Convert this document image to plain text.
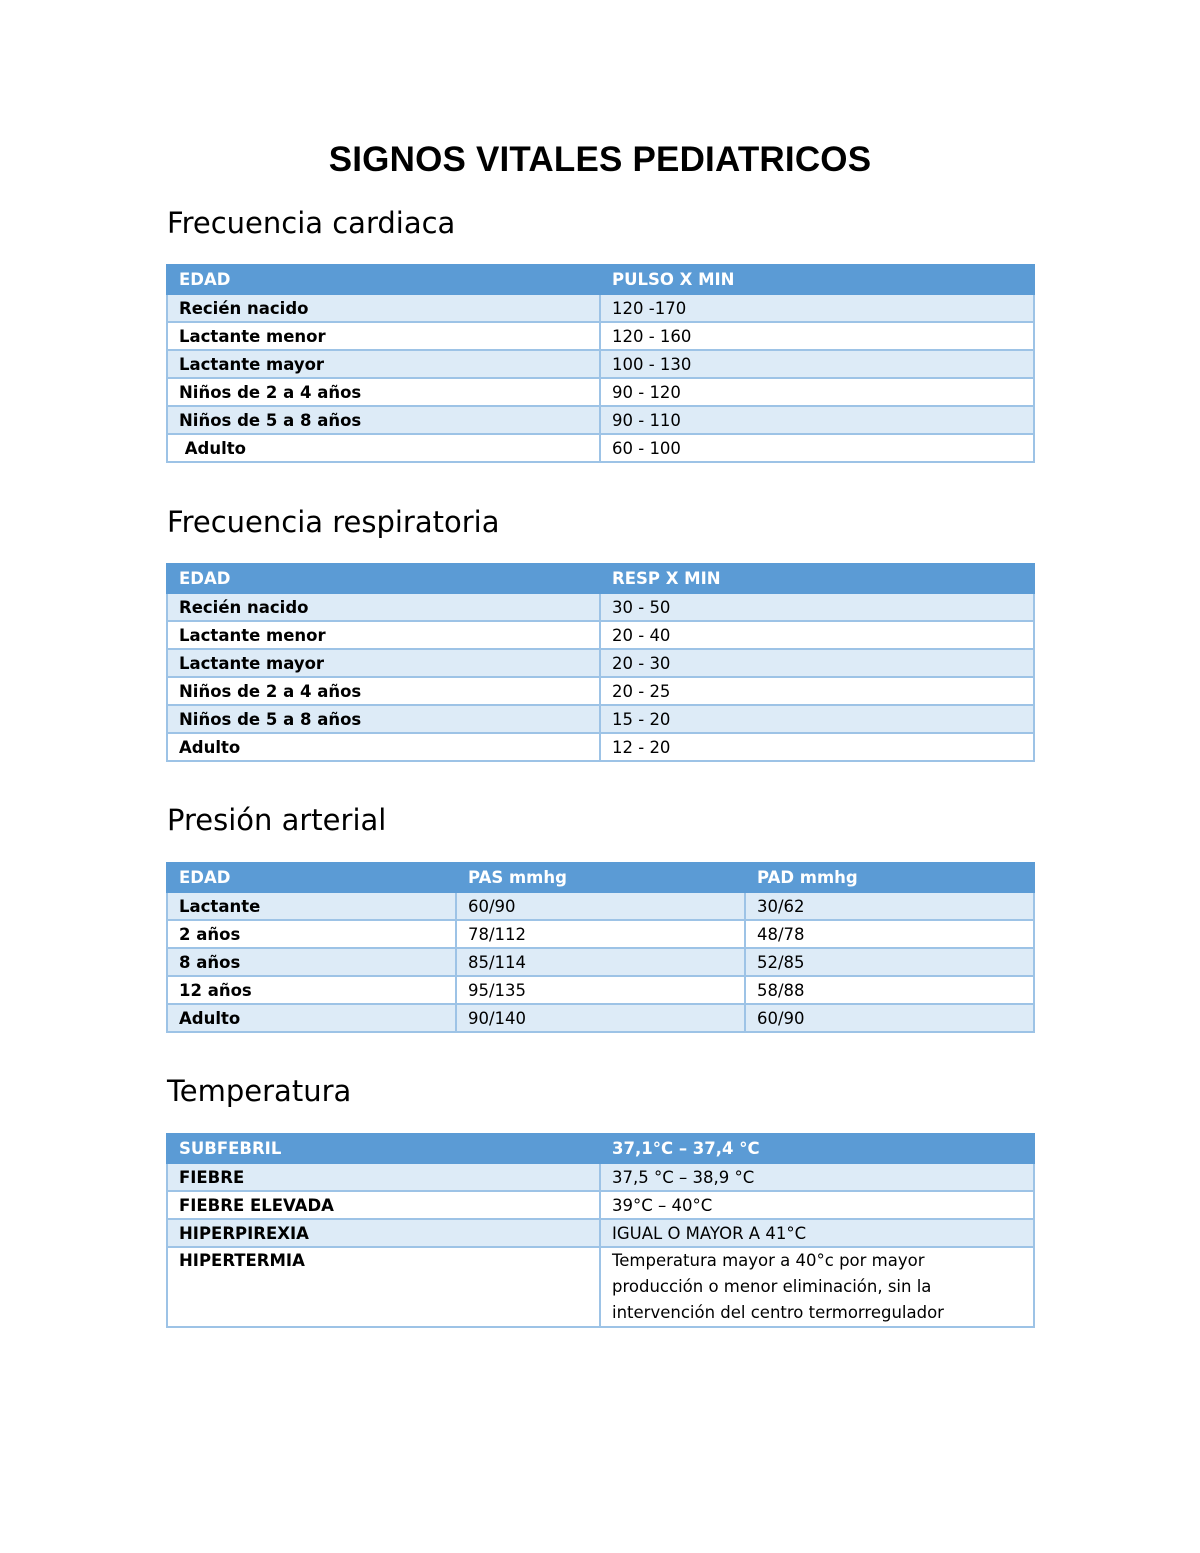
SIGNOS VITALES PEDIATRICOS
Frecuencia cardiaca
EDAD	PULSO X MIN
Recién nacido	120 -170
Lactante menor	120 - 160
Lactante mayor	100 - 130
Niños de 2 a 4 años	90 - 120
Niños de 5 a 8 años	90 - 110
Adulto	60 - 100
Frecuencia respiratoria
EDAD	RESP X MIN
Recién nacido	30 - 50
Lactante menor	20 - 40
Lactante mayor	20 - 30
Niños de 2 a 4 años	20 - 25
Niños de 5 a 8 años	15 - 20
Adulto	12 - 20
Presión arterial
EDAD	PAS mmhg	PAD mmhg
Lactante	60/90	30/62
2 años	78/112	48/78
8 años	85/114	52/85
12 años	95/135	58/88
Adulto	90/140	60/90
Temperatura
SUBFEBRIL	37,1°C – 37,4 °C
FIEBRE	37,5 °C – 38,9 °C
FIEBRE ELEVADA	39°C – 40°C
HIPERPIREXIA	IGUAL O MAYOR A 41°C
HIPERTERMIA	Temperatura mayor a 40°c por mayor producción o menor eliminación, sin la intervención del centro termorregulador
